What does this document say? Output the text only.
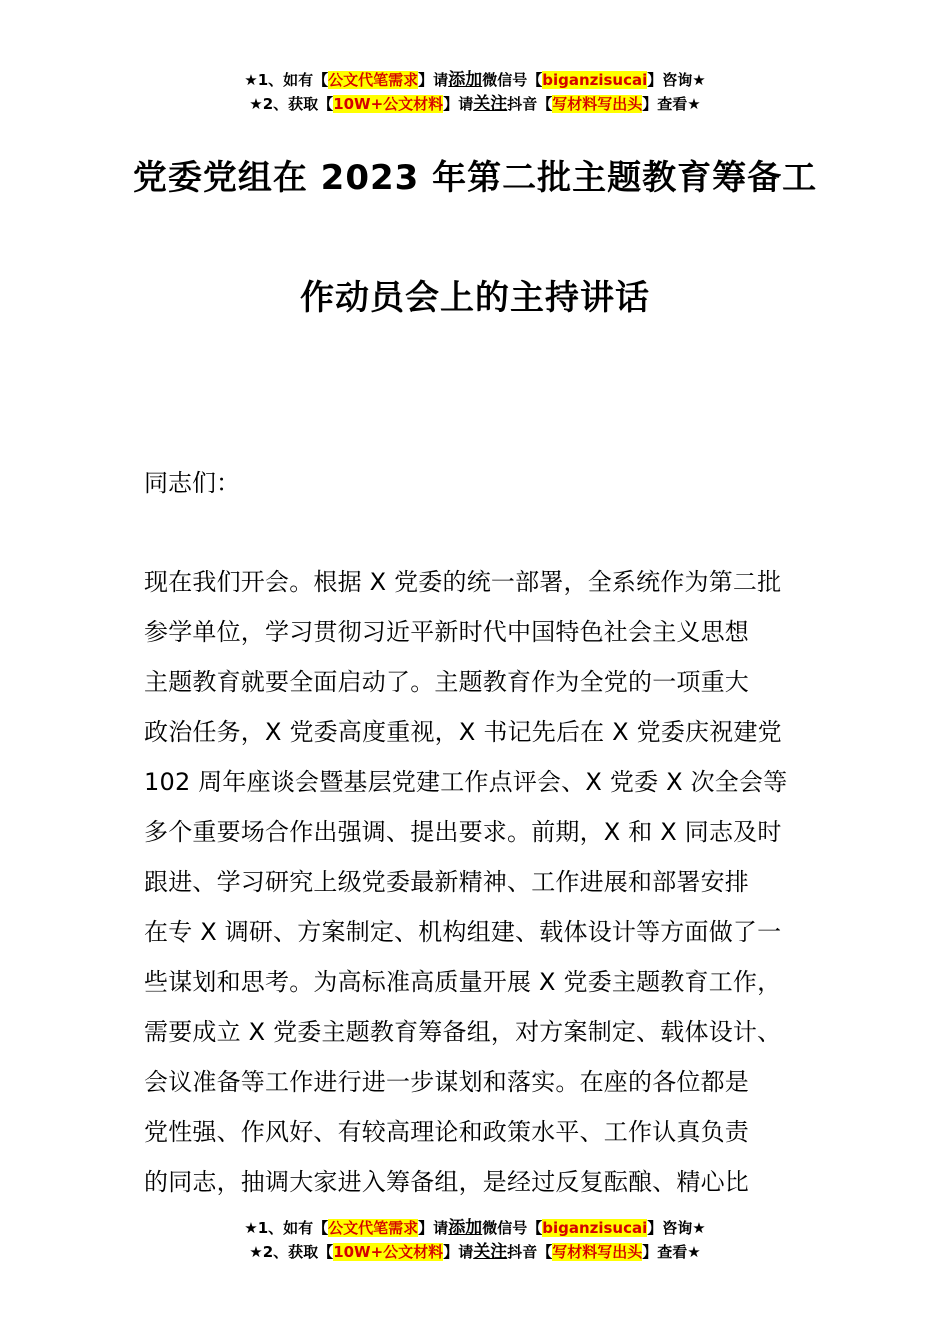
★1、如有【公文代笔需求】请添加微信号【biganzisucai】咨询★
★2、获取【10W+公文材料】请关注抖音【写材料写出头】查看★
党委党组在 2023 年第二批主题教育筹备工
作动员会上的主持讲话
同志们：
现在我们开会。根据 X 党委的统一部署，全系统作为第二批
参学单位，学习贯彻习近平新时代中国特色社会主义思想
主题教育就要全面启动了。主题教育作为全党的一项重大
政治任务，X 党委高度重视，X 书记先后在 X 党委庆祝建党
102 周年座谈会暨基层党建工作点评会、X 党委 X 次全会等
多个重要场合作出强调、提出要求。前期，X 和 X 同志及时
跟进、学习研究上级党委最新精神、工作进展和部署安排
在专 X 调研、方案制定、机构组建、载体设计等方面做了一
些谋划和思考。为高标准高质量开展 X 党委主题教育工作，
需要成立 X 党委主题教育筹备组，对方案制定、载体设计、
会议准备等工作进行进一步谋划和落实。在座的各位都是
党性强、作风好、有较高理论和政策水平、工作认真负责
的同志，抽调大家进入筹备组，是经过反复酝酿、精心比
★1、如有【公文代笔需求】请添加微信号【biganzisucai】咨询★
★2、获取【10W+公文材料】请关注抖音【写材料写出头】查看★
